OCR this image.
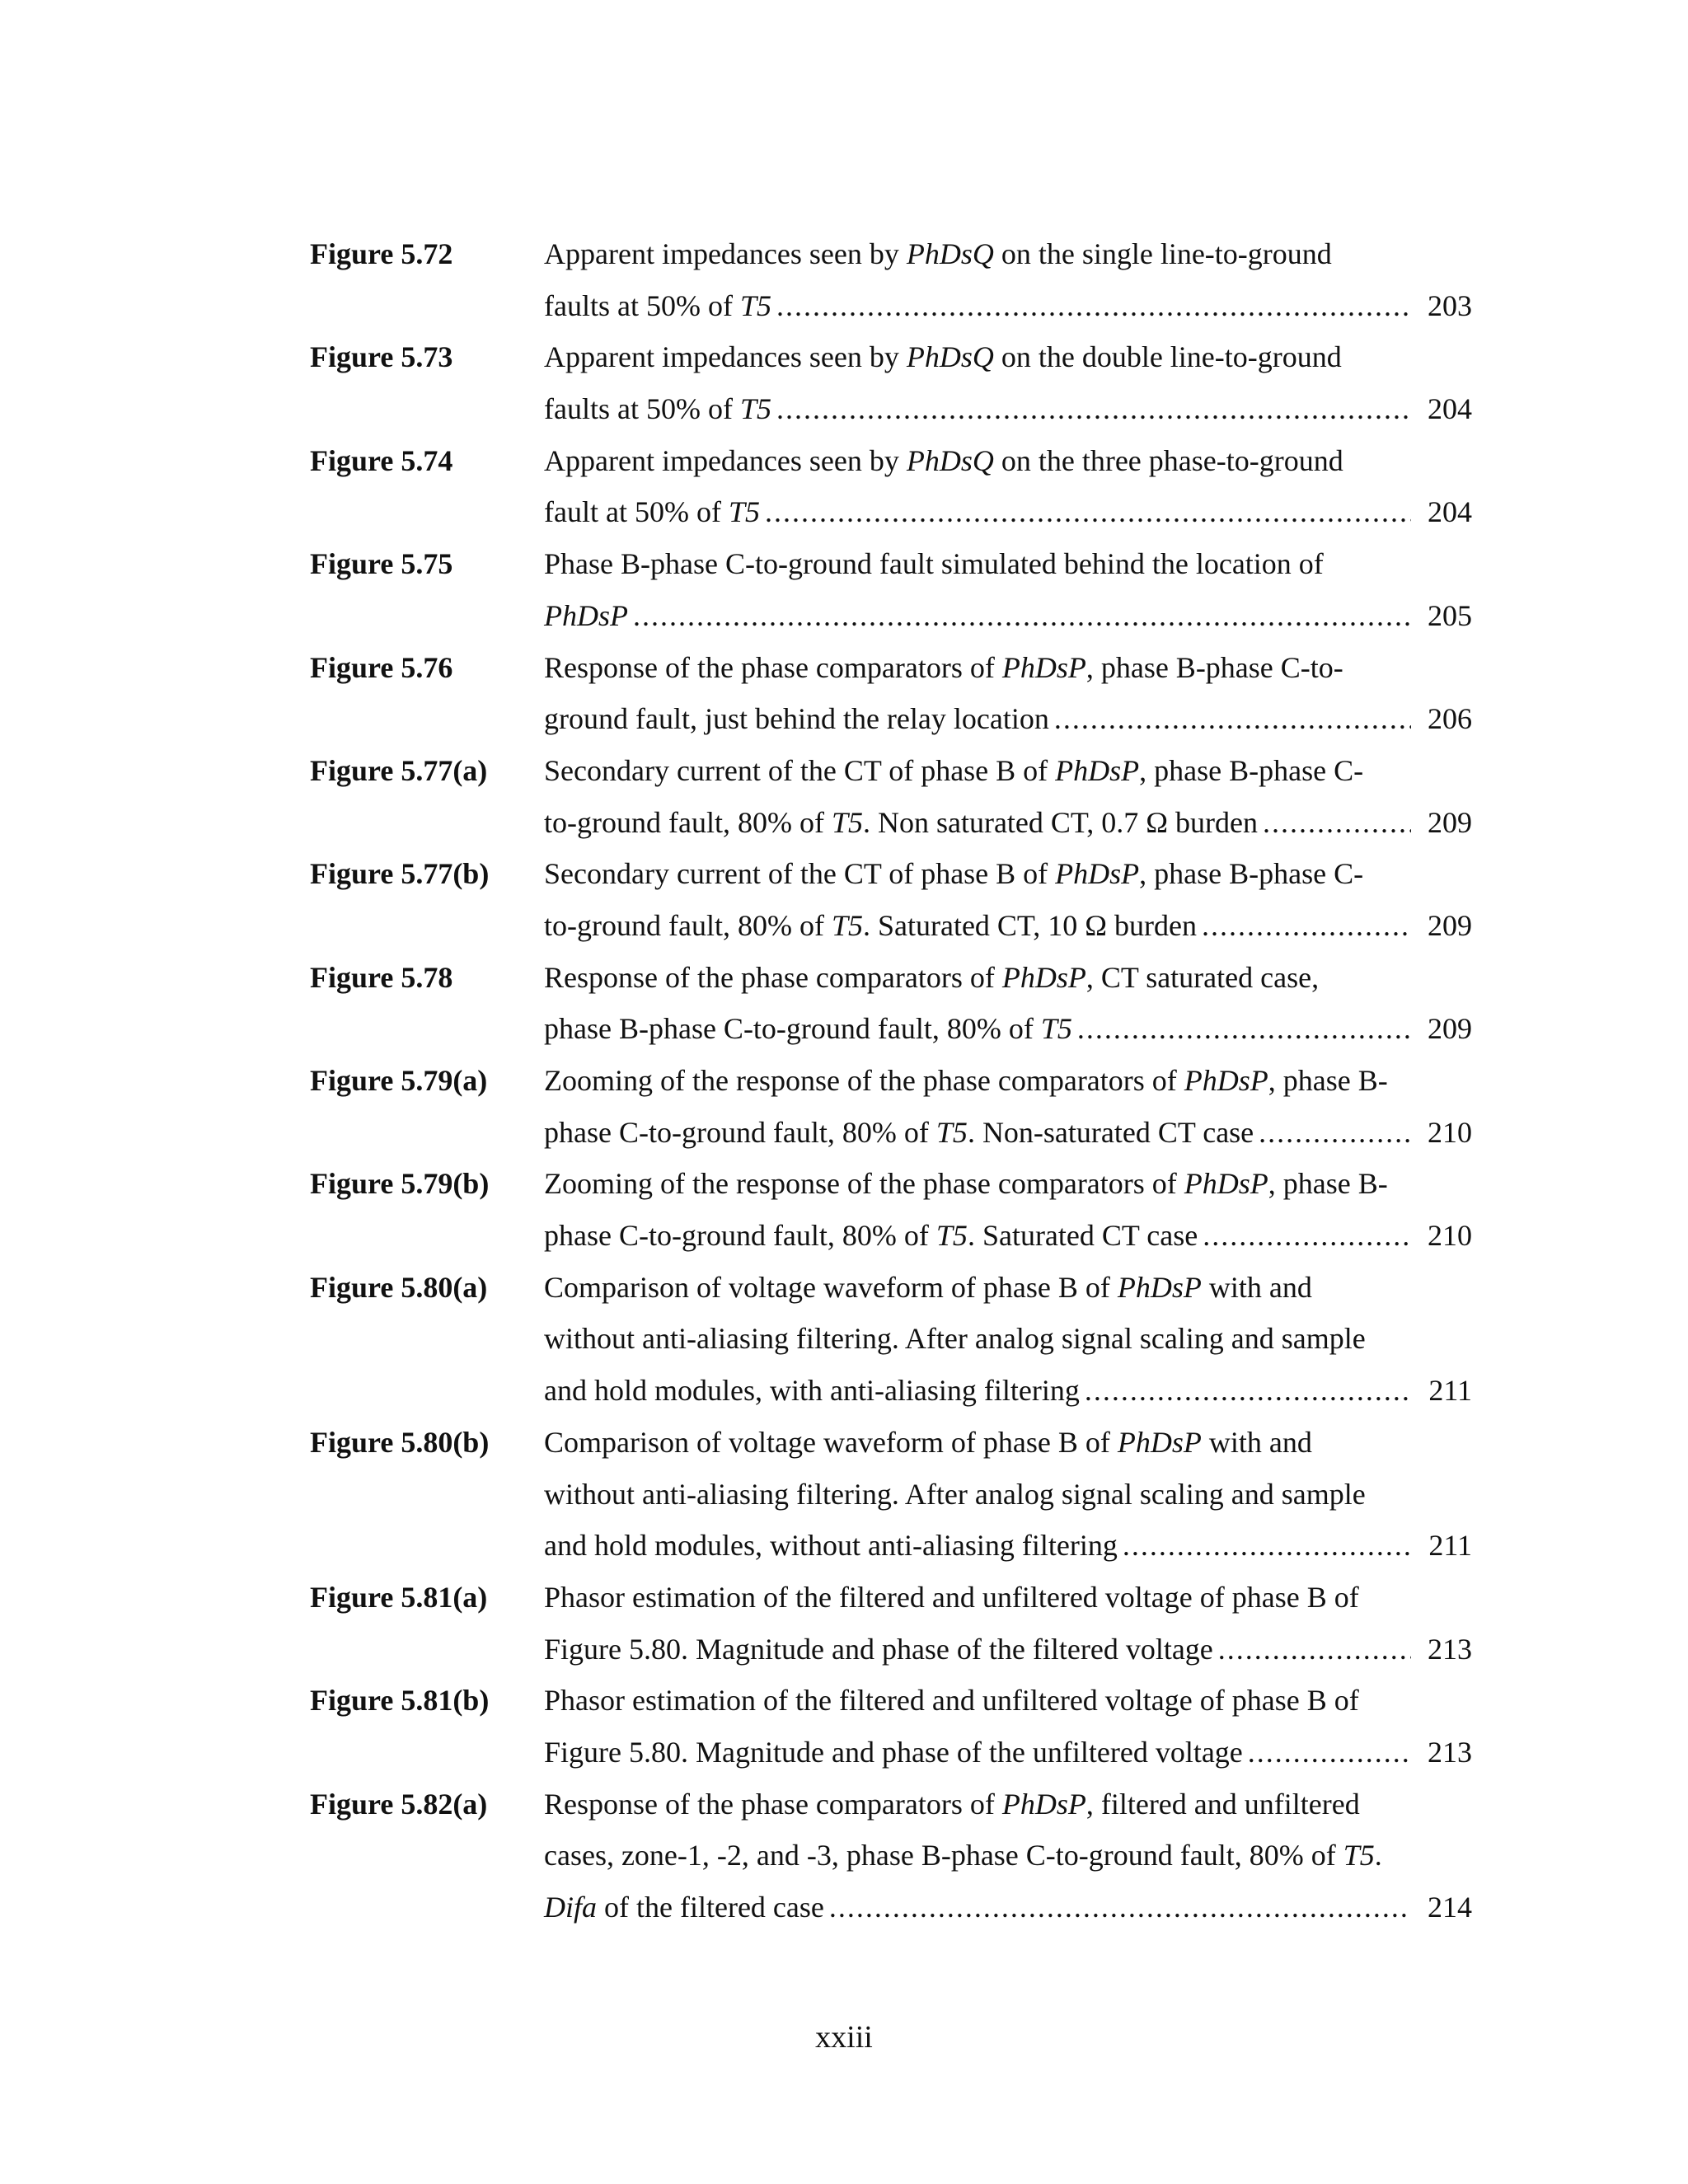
Figure 5.72	Apparent impedances seen by PhDsQ on the single line-to-ground
faults at 50% of T5 .....	203
Figure 5.73	Apparent impedances seen by PhDsQ on the double line-to-ground
faults at 50% of T5 .....	204
Figure 5.74	Apparent impedances seen by PhDsQ on the three phase-to-ground
fault at 50% of T5 .....	204
Figure 5.75	Phase B-phase C-to-ground fault simulated behind the location of
PhDsP .....	205
Figure 5.76	Response of the phase comparators of PhDsP, phase B-phase C-to-
ground fault, just behind the relay location .....	206
Figure 5.77(a) Secondary current of the CT of phase B of PhDsP, phase B-phase C-
to-ground fault, 80% of T5. Non saturated CT, 0.7 Ω burden .....	209
Figure 5.77(b) Secondary current of the CT of phase B of PhDsP, phase B-phase C-
to-ground fault, 80% of T5. Saturated CT, 10 Ω burden .....	209
Figure 5.78	Response of the phase comparators of PhDsP, CT saturated case,
phase B-phase C-to-ground fault, 80% of T5 .....	209
Figure 5.79(a) Zooming of the response of the phase comparators of PhDsP, phase B-
phase C-to-ground fault, 80% of T5. Non-saturated CT case .....	210
Figure 5.79(b) Zooming of the response of the phase comparators of PhDsP, phase B-
phase C-to-ground fault, 80% of T5. Saturated CT case .....	210
Figure 5.80(a) Comparison of voltage waveform of phase B of PhDsP with and
without anti-aliasing filtering. After analog signal scaling and sample
and hold modules, with anti-aliasing filtering .....	211
Figure 5.80(b) Comparison of voltage waveform of phase B of PhDsP with and
without anti-aliasing filtering. After analog signal scaling and sample
and hold modules, without anti-aliasing filtering .....	211
Figure 5.81(a) Phasor estimation of the filtered and unfiltered voltage of phase B of
Figure 5.80. Magnitude and phase of the filtered voltage .....	213
Figure 5.81(b) Phasor estimation of the filtered and unfiltered voltage of phase B of
Figure 5.80. Magnitude and phase of the unfiltered voltage .....	213
Figure 5.82(a) Response of the phase comparators of PhDsP, filtered and unfiltered
cases, zone-1, -2, and -3, phase B-phase C-to-ground fault, 80% of T5.
Difa of the filtered case .....	214
xxiii
